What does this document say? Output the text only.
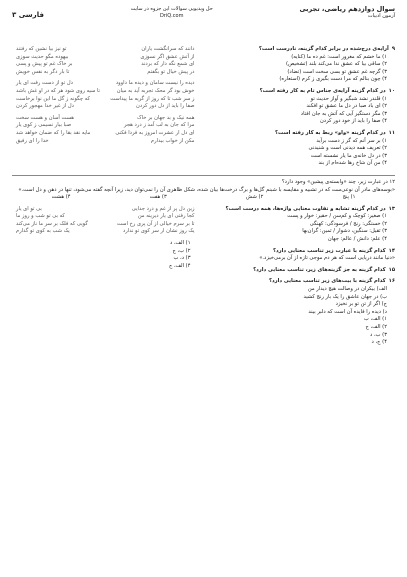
سوال دوازدهم ریاضی، تجربی
آزمون ادبیات
حل ویدیویی سوالات این جزوه در سایت
DriQ.com
فارسی ۳
۹آرایه‌ی درج‌شده در برابر کدام گزینه، نادرست است؟
۱) ما خشم که مغرور است: غم ده ما (کنایه)
۲) ساقی بیا که عشق ندا می‌کند بلند (تشخیص)
۳) گرچه غم عشق تو بسی سخت است (تضاد)
۴) چون بنالم که مرا دست بگیری ز کرم (استعاره)
۱۰در کدام گزینه آرایه‌ی جناس تام به کار رفته است؟
۱) قلندر نشد شبگیر و آواز حدیث تو
۲) ای باد صبا در دل ما عشق تو افکند
۳) مگر دستگیر آیی که آتش به جان افتاد
۴) صفا را باید از خود دور کردن
۱۱در کدام گزینه «واو» ربط به کار رفته است؟
۱) بر سر آنم که گر ز دست برآید
۲) تعریف همه دیدنی است و شنیدنی
۳) در دل خانه‌ی ما یار نشسته است
۴) من آن شاخ رها شده‌ام از بند
دانند که سرانگشت یاران
تو نیز بیا نشین که رفتند
از آتش عشق اگر نسوزی
بیهوده مگو حدیث سوزی
ای شمع نگه دار که بردند
بر خاک غم تو پیش و پسی
در پیش خیال تو بگفتم
تا بار دگر به نفس خویش
دیده را نیست سامان و دیده ما داوود
دل تو از دست رفت ای یار
خوش بود گر محک تجربه آید به میان
تا سیه روی شود هر که در او غش باشد
ز سر شب تا که روز از گریه ما پیداست
که چگونه ز گل ما این نوا برخاست
صفا را باید از دل دور کردن
دل از غیر خدا مهجور کردن
همه نیک و بد جهان بر خاک
هست آسان و هست سخت
مرا که جان به لب آمد ز درد هجر
صبا بیار نسیمی ز کوی یار
ای دل ار عشرت امروز به فردا فکنی
مایه نقد بقا را که ضمان خواهد شد
مکن از خواب بیدارم
خدا را ای رفیق
۱۲ در عبارت زیر، چند «وابسته‌ی پیشین» وجود دارد؟
«بوسه‌های مادر آن نوعی‌ست که در تشبیه و مقایسه با شبنم گل‌ها و برگ درخت‌ها بیان شده، شکل ظاهری آن را نمی‌توان دید، زیرا آنچه گفته می‌شود، تنها در ذهن و دل است.»
۱) پنج
۲) شش
۳) هفت
۴) هشت
۱۳در کدام گزینه تشابه و تفاوت معنایی واژه‌ها، همه درست است؟
۱) صغیر: کوچک و کم‌سن / حقیر: خوار و پست
۲) خستگی: رنج / فرسودگی: کهنگی
۳) ثقیل: سنگین، دشوار / ثمین: گران‌بها
۴) علم: دانش / عالم: جهان
۱۴کدام گزینه با عبارت زیر تناسب معنایی دارد؟
«دنیا مانند دریایی است که هر دم موجی تازه از آن برمی‌خیزد.»
۱۵کدام گزینه به جز گزینه‌های زیر، تناسب معنایی دارد؟
۱۶کدام گزینه با بیت‌های زیر تناسب معنایی دارد؟
الف) بیکران در وصالت هیچ دیدار من
ب) در جهان عاشق را یک بار رنج کشید
ج) اگر از تن تو بر نخیزد
د) دیده را فایده آن است که دلبر بیند
۱) الف، ب
۲) الف، ج
۳) ب، د
۴) ج، د
زین دل پر از غم و درد جدایی
بی تو ای یار
کجا رفتی ای یار دیرینه من
که بی تو شب و روز ما
تا بر سرم خیالی از آن پری رخ است
گویی که فلک بر سر ما ناز می‌کند
یک روز نشان ار سر کوی تو ندارد
یک شب به کوی تو گذارم
۱) الف، د
۲) ب، ج
۳) د، ب
۴) الف، ج
